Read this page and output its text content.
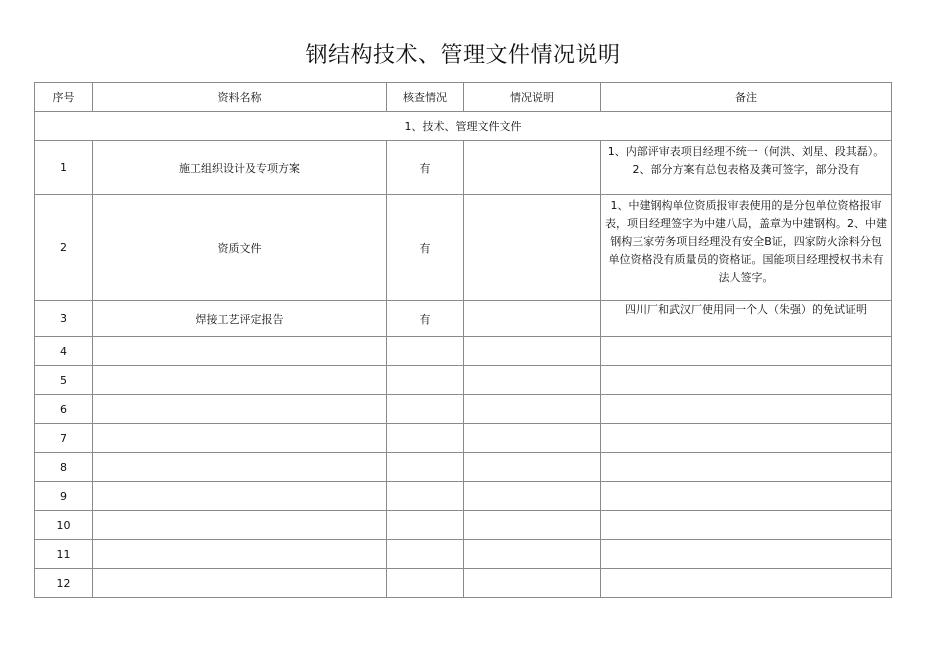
钢结构技术、管理文件情况说明
序号	资料名称	核查情况	情况说明	备注
1、技术、管理文件文件				
1	施工组织设计及专项方案	有		1、内部评审表项目经理不统一（何洪、刘星、段其磊）。2、部分方案有总包表格及龚可签字，部分没有
2	资质文件	有		1、中建钢构单位资质报审表使用的是分包单位资格报审表，项目经理签字为中建八局，盖章为中建钢构。2、中建钢构三家劳务项目经理没有安全B证，四家防火涂料分包单位资格没有质量员的资格证。国能项目经理授权书未有法人签字。
3	焊接工艺评定报告	有		四川厂和武汉厂使用同一个人（朱强）的免试证明
4				
5				
6				
7				
8				
9				
10				
11				
12				
